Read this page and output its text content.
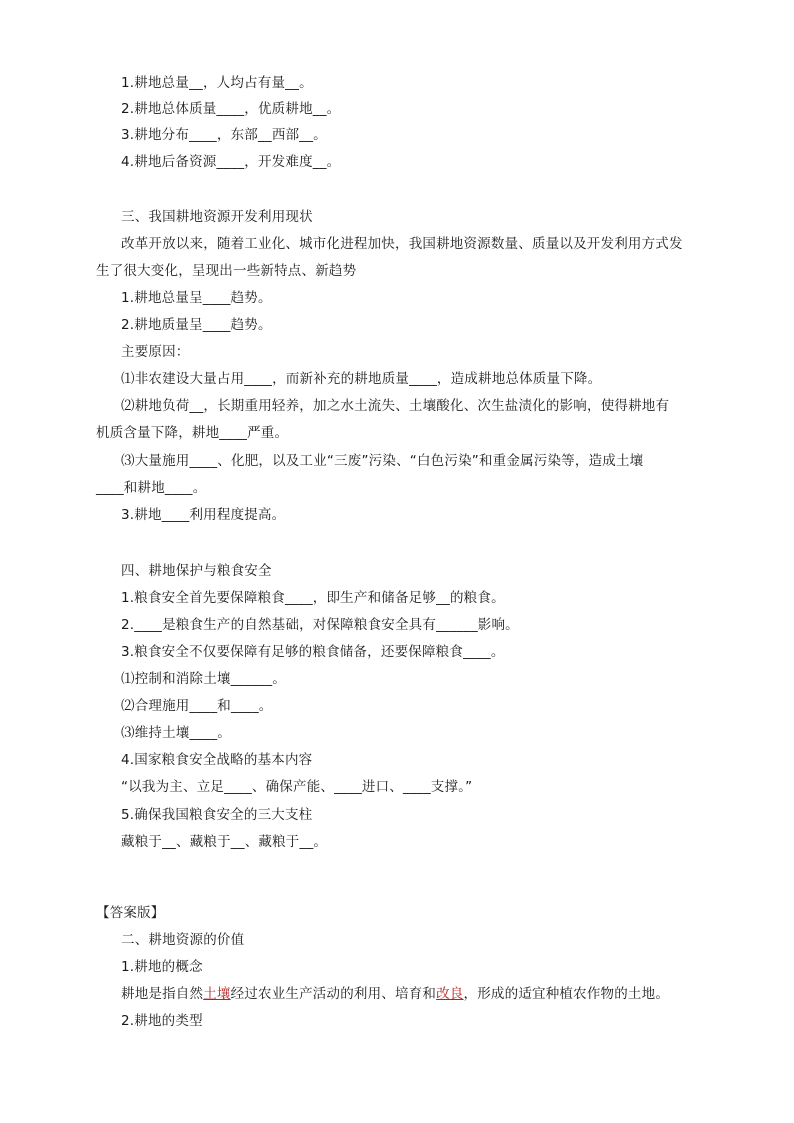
1.耕地总量__，人均占有量__。
2.耕地总体质量____，优质耕地__。
3.耕地分布____，东部__西部__。
4.耕地后备资源____，开发难度__。
三、我国耕地资源开发利用现状
改革开放以来，随着工业化、城市化进程加快，我国耕地资源数量、质量以及开发利用方式发
生了很大变化，呈现出一些新特点、新趋势
1.耕地总量呈____趋势。
2.耕地质量呈____趋势。
主要原因：
⑴非农建设大量占用____，而新补充的耕地质量____，造成耕地总体质量下降。
⑵耕地负荷__，长期重用轻养，加之水土流失、土壤酸化、次生盐渍化的影响，使得耕地有
机质含量下降，耕地____严重。
⑶大量施用____、化肥，以及工业“三废”污染、“白色污染”和重金属污染等，造成土壤
____和耕地____。
3.耕地____利用程度提高。
四、耕地保护与粮食安全
1.粮食安全首先要保障粮食____，即生产和储备足够__的粮食。
2.____是粮食生产的自然基础，对保障粮食安全具有______影响。
3.粮食安全不仅要保障有足够的粮食储备，还要保障粮食____。
⑴控制和消除土壤______。
⑵合理施用____和____。
⑶维持土壤____。
4.国家粮食安全战略的基本内容
“以我为主、立足____、确保产能、____进口、____支撑。”
5.确保我国粮食安全的三大支柱
藏粮于__、藏粮于__、藏粮于__。
【答案版】
二、耕地资源的价值
1.耕地的概念
耕地是指自然土壤经过农业生产活动的利用、培育和改良，形成的适宜种植农作物的土地。
2.耕地的类型
